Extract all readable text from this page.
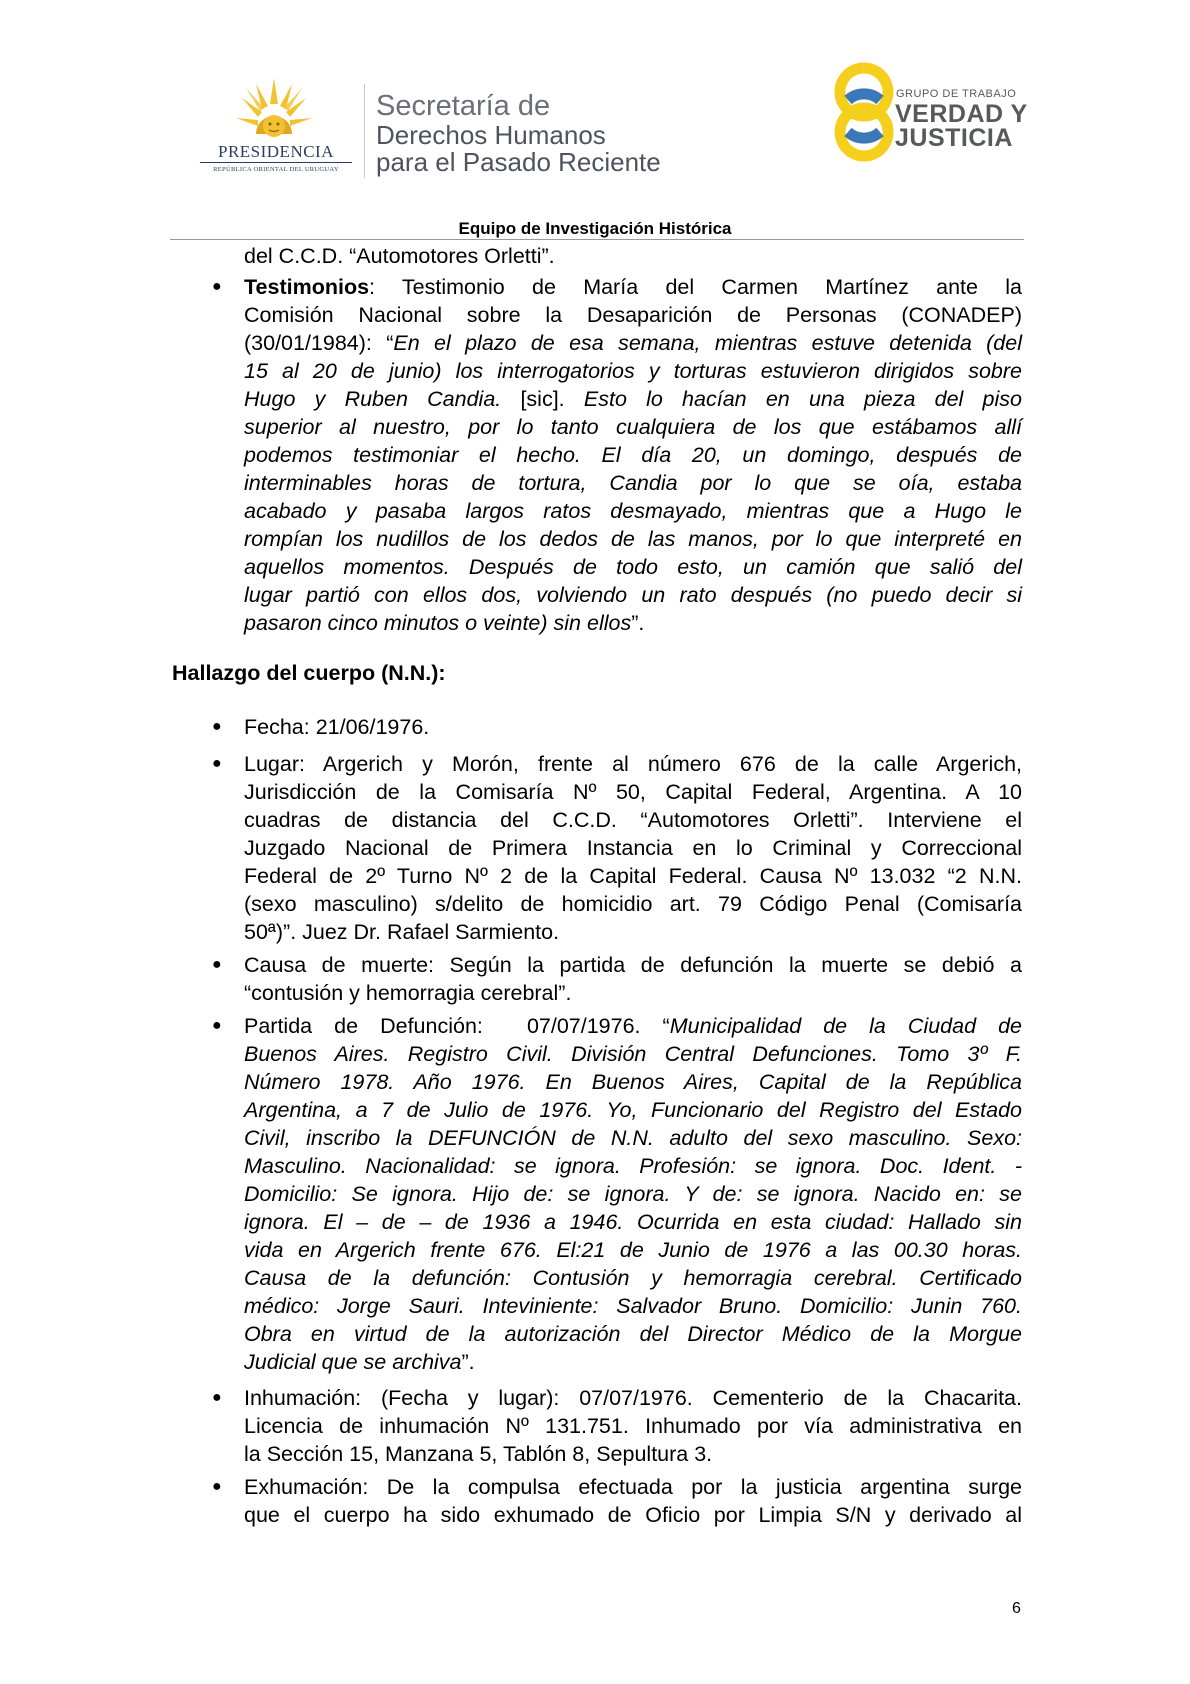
PRESIDENCIA
REPÚBLICA ORIENTAL DEL URUGUAY
Secretaría de
Derechos Humanos
para el Pasado Reciente
GRUPO DE TRABAJO
VERDAD Y
JUSTICIA
Equipo de Investigación Histórica
del C.C.D. “Automotores Orletti”.
● Testimonios: Testimonio de María del Carmen Martínez ante la
Comisión Nacional sobre la Desaparición de Personas (CONADEP)
(30/01/1984): “En el plazo de esa semana, mientras estuve detenida (del
15 al 20 de junio) los interrogatorios y torturas estuvieron dirigidos sobre
Hugo y Ruben Candia. [sic]. Esto lo hacían en una pieza del piso
superior al nuestro, por lo tanto cualquiera de los que estábamos allí
podemos testimoniar el hecho. El día 20, un domingo, después de
interminables horas de tortura, Candia por lo que se oía, estaba
acabado y pasaba largos ratos desmayado, mientras que a Hugo le
rompían los nudillos de los dedos de las manos, por lo que interpreté en
aquellos momentos. Después de todo esto, un camión que salió del
lugar partió con ellos dos, volviendo un rato después (no puedo decir si
pasaron cinco minutos o veinte) sin ellos”.
Hallazgo del cuerpo (N.N.):
● Fecha: 21/06/1976.
● Lugar: Argerich y Morón, frente al número 676 de la calle Argerich,
Jurisdicción de la Comisaría Nº 50, Capital Federal, Argentina. A 10
cuadras de distancia del C.C.D. “Automotores Orletti”. Interviene el
Juzgado Nacional de Primera Instancia en lo Criminal y Correccional
Federal de 2º Turno Nº 2 de la Capital Federal. Causa Nº 13.032 “2 N.N.
(sexo masculino) s/delito de homicidio art. 79 Código Penal (Comisaría
50ª)”. Juez Dr. Rafael Sarmiento.
● Causa de muerte: Según la partida de defunción la muerte se debió a
“contusión y hemorragia cerebral”.
● Partida de Defunción:  07/07/1976. “Municipalidad de la Ciudad de
Buenos Aires. Registro Civil. División Central Defunciones. Tomo 3º F.
Número 1978. Año 1976. En Buenos Aires, Capital de la República
Argentina, a 7 de Julio de 1976. Yo, Funcionario del Registro del Estado
Civil, inscribo la DEFUNCIÓN de N.N. adulto del sexo masculino. Sexo:
Masculino. Nacionalidad: se ignora. Profesión: se ignora. Doc. Ident. -
Domicilio: Se ignora. Hijo de: se ignora. Y de: se ignora. Nacido en: se
ignora. El – de – de 1936 a 1946. Ocurrida en esta ciudad: Hallado sin
vida en Argerich frente 676. El:21 de Junio de 1976 a las 00.30 horas.
Causa de la defunción: Contusión y hemorragia cerebral. Certificado
médico: Jorge Sauri. Inteviniente: Salvador Bruno. Domicilio: Junin 760.
Obra en virtud de la autorización del Director Médico de la Morgue
Judicial que se archiva”.
● Inhumación: (Fecha y lugar): 07/07/1976. Cementerio de la Chacarita.
Licencia de inhumación Nº 131.751. Inhumado por vía administrativa en
la Sección 15, Manzana 5, Tablón 8, Sepultura 3.
● Exhumación: De la compulsa efectuada por la justicia argentina surge
que el cuerpo ha sido exhumado de Oficio por Limpia S/N y derivado al
6
